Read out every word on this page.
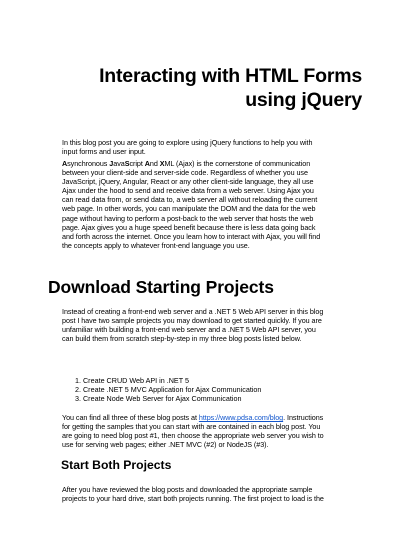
Interacting with HTML Forms
using jQuery
In this blog post you are going to explore using jQuery functions to help you with
input forms and user input.
Asynchronous JavaScript And XML (Ajax) is the cornerstone of communication
between your client-side and server-side code. Regardless of whether you use
JavaScript, jQuery, Angular, React or any other client-side language, they all use
Ajax under the hood to send and receive data from a web server. Using Ajax you
can read data from, or send data to, a web server all without reloading the current
web page. In other words, you can manipulate the DOM and the data for the web
page without having to perform a post-back to the web server that hosts the web
page. Ajax gives you a huge speed benefit because there is less data going back
and forth across the internet. Once you learn how to interact with Ajax, you will find
the concepts apply to whatever front-end language you use.
Download Starting Projects
Instead of creating a front-end web server and a .NET 5 Web API server in this blog
post I have two sample projects you may download to get started quickly. If you are
unfamiliar with building a front-end web server and a .NET 5 Web API server, you
can build them from scratch step-by-step in my three blog posts listed below.
1. Create CRUD Web API in .NET 5
2. Create .NET 5 MVC Application for Ajax Communication
3. Create Node Web Server for Ajax Communication
You can find all three of these blog posts at https://www.pdsa.com/blog. Instructions
for getting the samples that you can start with are contained in each blog post. You
are going to need blog post #1, then choose the appropriate web server you wish to
use for serving web pages; either .NET MVC (#2) or NodeJS (#3).
Start Both Projects
After you have reviewed the blog posts and downloaded the appropriate sample
projects to your hard drive, start both projects running. The first project to load is the
